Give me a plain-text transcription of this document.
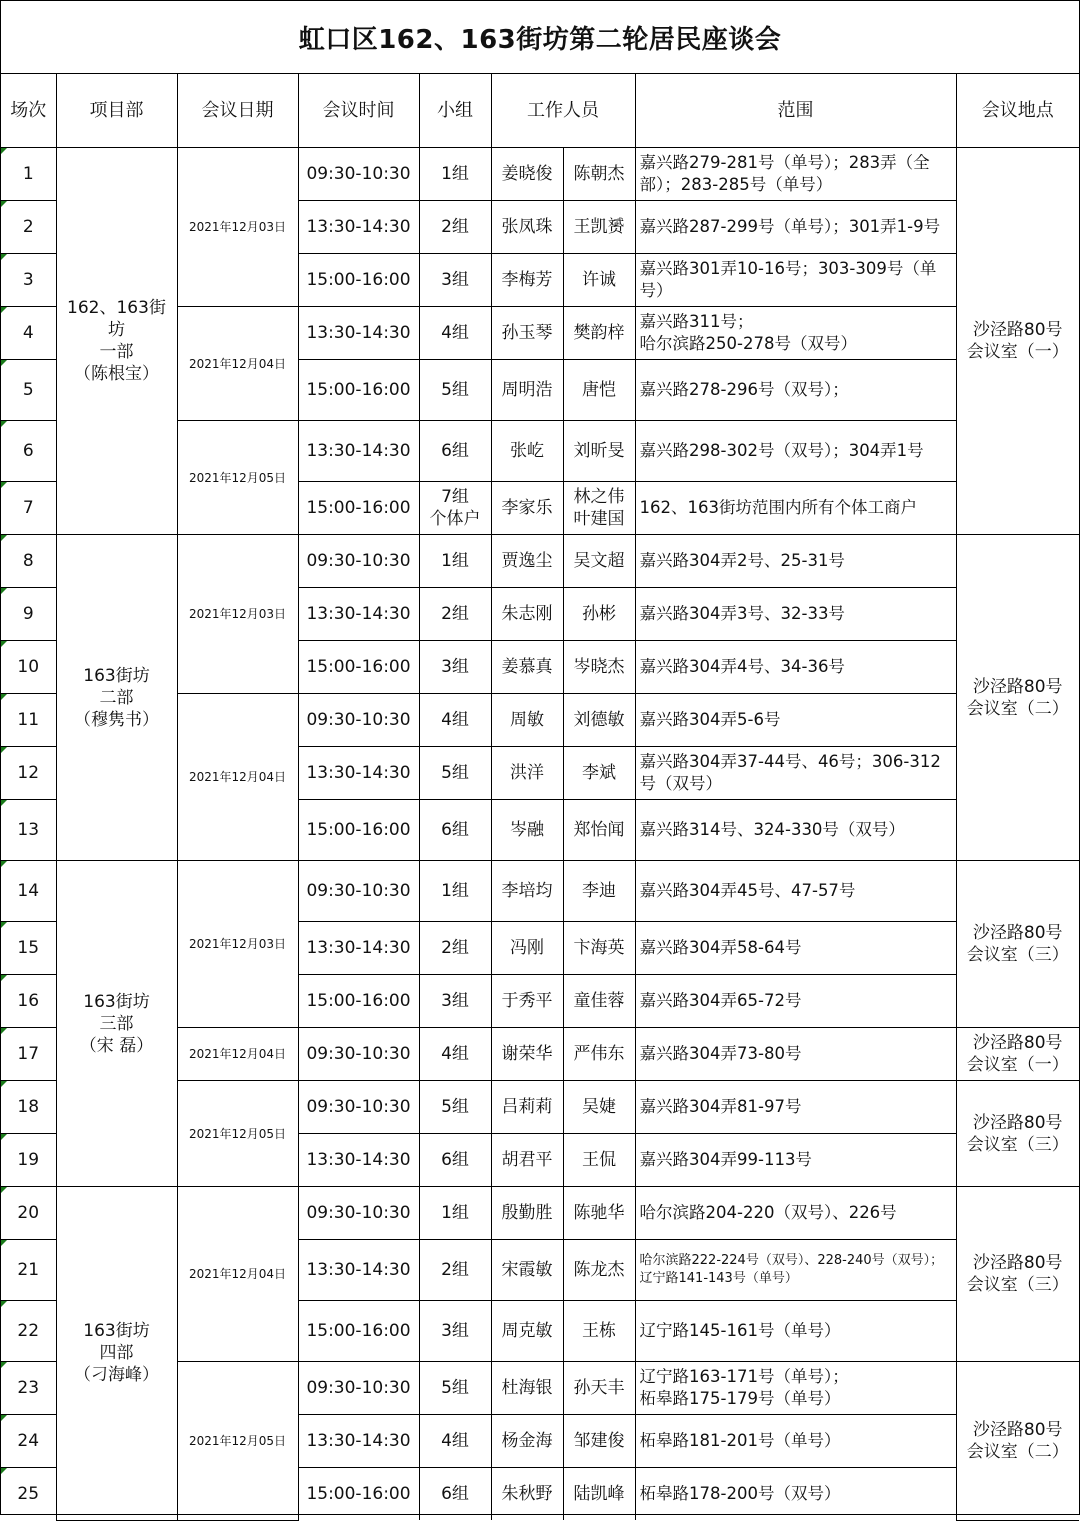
虹口区162、163街坊第二轮居民座谈会
场次	项目部	会议日期	会议时间	小组	工作人员		范围	会议地点
1	162、163街
坊
一部
（陈根宝）	2021年12月03日	09:30-10:30	1组	姜晓俊	陈朝杰	嘉兴路279-281号（单号）；283弄（全部）；283-285号（单号）	沙泾路80号
会议室（一）
2			13:30-14:30	2组	张凤珠	王凯赟	嘉兴路287-299号（单号）；301弄1-9号	
3			15:00-16:00	3组	李梅芳	许诚	嘉兴路301弄10-16号；303-309号（单号）	
4		2021年12月04日	13:30-14:30	4组	孙玉琴	樊韵梓	嘉兴路311号；
哈尔滨路250-278号（双号）	
5			15:00-16:00	5组	周明浩	唐恺	嘉兴路278-296号（双号）；	
6		2021年12月05日	13:30-14:30	6组	张屹	刘昕旻	嘉兴路298-302号（双号）；304弄1号	
7			15:00-16:00	7组
个体户	李家乐	林之伟
叶建国	162、163街坊范围内所有个体工商户	
8	163街坊
二部
（穆隽书）	2021年12月03日	09:30-10:30	1组	贾逸尘	吴文超	嘉兴路304弄2号、25-31号	沙泾路80号
会议室（二）
9			13:30-14:30	2组	朱志刚	孙彬	嘉兴路304弄3号、32-33号	
10			15:00-16:00	3组	姜慕真	岑晓杰	嘉兴路304弄4号、34-36号	
11		2021年12月04日	09:30-10:30	4组	周敏	刘德敏	嘉兴路304弄5-6号	
12			13:30-14:30	5组	洪洋	李斌	嘉兴路304弄37-44号、46号；306-312号（双号）	
13			15:00-16:00	6组	岑融	郑怡闻	嘉兴路314号、324-330号（双号）	
14	163街坊
三部
（宋 磊）	2021年12月03日	09:30-10:30	1组	李培均	李迪	嘉兴路304弄45号、47-57号	沙泾路80号
会议室（三）
15			13:30-14:30	2组	冯刚	卞海英	嘉兴路304弄58-64号	
16			15:00-16:00	3组	于秀平	童佳蓉	嘉兴路304弄65-72号	
17		2021年12月04日	09:30-10:30	4组	谢荣华	严伟东	嘉兴路304弄73-80号	沙泾路80号
会议室（一）
18		2021年12月05日	09:30-10:30	5组	吕莉莉	吴婕	嘉兴路304弄81-97号	沙泾路80号
会议室（三）
19			13:30-14:30	6组	胡君平	王侃	嘉兴路304弄99-113号	
20	163街坊
四部
（刁海峰）	2021年12月04日	09:30-10:30	1组	殷勤胜	陈驰华	哈尔滨路204-220（双号）、226号	沙泾路80号
会议室（三）
21			13:30-14:30	2组	宋霞敏	陈龙杰	哈尔滨路222-224号（双号）、228-240号（双号）；
辽宁路141-143号（单号）	
22			15:00-16:00	3组	周克敏	王栋	辽宁路145-161号（单号）	
23		2021年12月05日	09:30-10:30	5组	杜海银	孙天丰	辽宁路163-171号（单号）；
柘皋路175-179号（单号）	沙泾路80号
会议室（二）
24			13:30-14:30	4组	杨金海	邹建俊	柘皋路181-201号（单号）	
25			15:00-16:00	6组	朱秋野	陆凯峰	柘皋路178-200号（双号）	
